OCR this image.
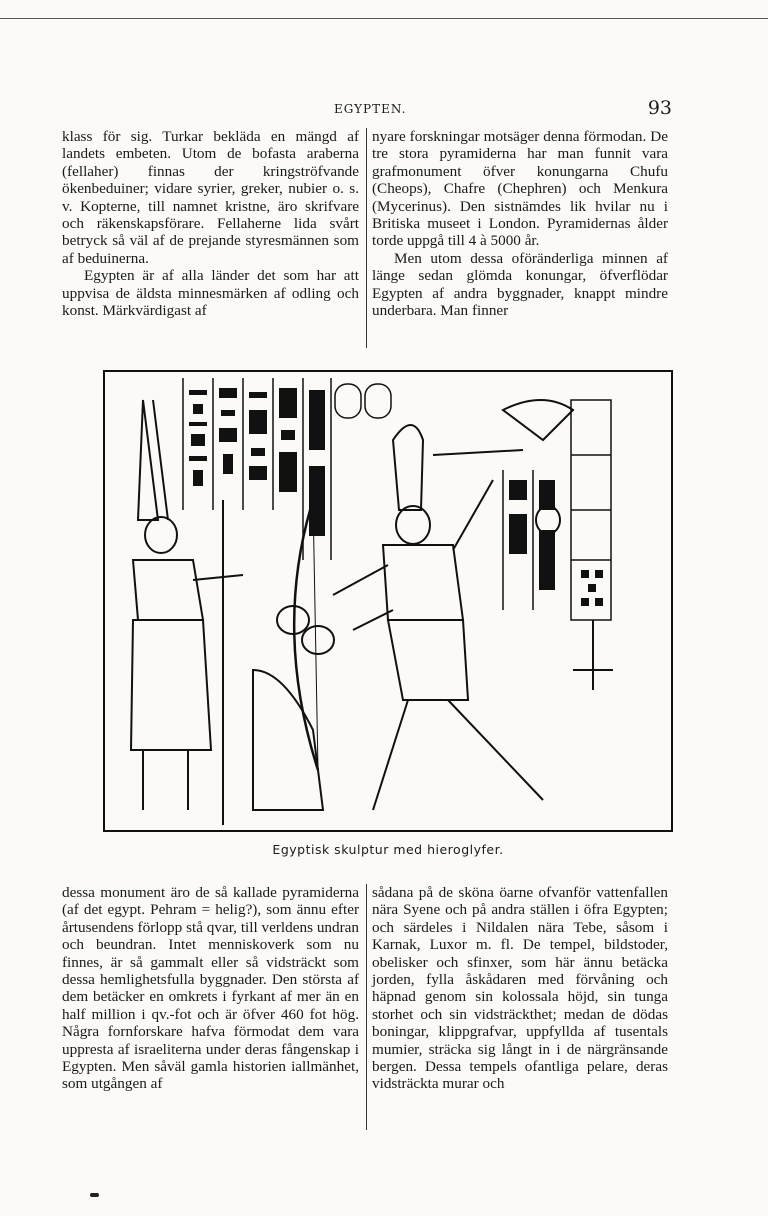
EGYPTEN.	93

klass för sig. Turkar bekläda en mängd af landets embeten. Utom de bofasta araberna (fellaher) finnas der kringströfvande ökenbeduiner; vidare syrier, greker, nubier o. s. v. Kopterne, till namnet kristne, äro skrifvare och räkenskapsförare. Fellaherne lida svårt betryck så väl af de prejande styresmännen som af beduinerna.

Egypten är af alla länder det som har att uppvisa de äldsta minnesmärken af odling och konst. Märkvärdigast af

nyare forskningar motsäger denna förmodan. De tre stora pyramiderna har man funnit vara grafmonument öfver konungarna Chufu (Cheops), Chafre (Chephren) och Menkura (Mycerinus). Den sistnämdes lik hvilar nu i Britiska museet i London. Pyramidernas ålder torde uppgå till 4 à 5000 år.

Men utom dessa oföränderliga minnen af länge sedan glömda konungar, öfverflödar Egypten af andra byggnader, knappt mindre underbara. Man finner

Egyptisk skulptur med hieroglyfer.

dessa monument äro de så kallade pyramiderna (af det egypt. Pehram = helig?), som ännu efter årtusendens förlopp stå qvar, till verldens undran och beundran. Intet menniskoverk som nu finnes, är så gammalt eller så vidsträckt som dessa hemlighetsfulla byggnader. Den största af dem betäcker en omkrets i fyrkant af mer än en half million i qv.-fot och är öfver 460 fot hög. Några fornforskare hafva förmodat dem vara uppresta af israeliterna under deras fångenskap i Egypten. Men såväl gamla historien iallmänhet, som utgången af

sådana på de sköna öarne ofvanför vattenfallen nära Syene och på andra ställen i öfra Egypten; och särdeles i Nildalen nära Tebe, såsom i Karnak, Luxor m. fl. De tempel, bildstoder, obelisker och sfinxer, som här ännu betäcka jorden, fylla åskådaren med förvåning och häpnad genom sin kolossala höjd, sin tunga storhet och sin vidsträckthet; medan de dödas boningar, klippgrafvar, uppfyllda af tusentals mumier, sträcka sig långt in i de närgränsande bergen. Dessa tempels ofantliga pelare, deras vidsträckta murar och
